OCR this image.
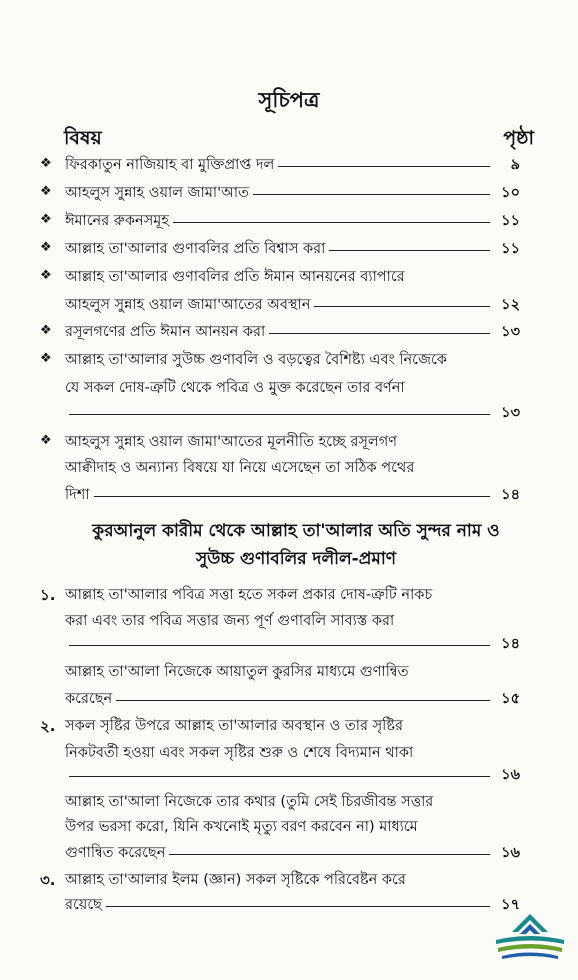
সূচিপত্র
বিষয়	পৃষ্ঠা
❖ ফিরকাতুন নাজিয়াহ বা মুক্তিপ্রাপ্ত দল	৯
❖ আহলুস সুন্নাহ ওয়াল জামা'আত	১০
❖ ঈমানের রুকনসমূহ	১১
❖ আল্লাহ তা'আলার গুণাবলির প্রতি বিশ্বাস করা	১১
❖ আল্লাহ তা'আলার গুণাবলির প্রতি ঈমান আনয়নের ব্যাপারে
আহলুস সুন্নাহ ওয়াল জামা'আতের অবস্থান	১২
❖ রসূলগণের প্রতি ঈমান আনয়ন করা	১৩
❖ আল্লাহ তা'আলার সুউচ্চ গুণাবলি ও বড়ত্বের বৈশিষ্ট্য এবং নিজেকে
যে সকল দোষ-ত্রুটি থেকে পবিত্র ও মুক্ত করেছেন তার বর্ণনা
১৩
❖ আহলুস সুন্নাহ ওয়াল জামা'আতের মূলনীতি হচ্ছে রসূলগণ
আক্বীদাহ ও অন্যান্য বিষয়ে যা নিয়ে এসেছেন তা সঠিক পথের
দিশা	১৪
কুরআনুল কারীম থেকে আল্লাহ তা'আলার অতি সুন্দর নাম ও
সুউচ্চ গুণাবলির দলীল-প্রমাণ
১. আল্লাহ তা'আলার পবিত্র সত্তা হতে সকল প্রকার দোষ-ত্রুটি নাকচ
করা এবং তার পবিত্র সত্তার জন্য পূর্ণ গুণাবলি সাব্যস্ত করা
১৪
আল্লাহ তা'আলা নিজেকে আয়াতুল কুরসির মাধ্যমে গুণান্বিত
করেছেন	১৫
২. সকল সৃষ্টির উপরে আল্লাহ তা'আলার অবস্থান ও তার সৃষ্টির
নিকটবর্তী হওয়া এবং সকল সৃষ্টির শুরু ও শেষে বিদ্যমান থাকা
১৬
আল্লাহ তা'আলা নিজেকে তার কথার (তুমি সেই চিরজীবন্ত সত্তার
উপর ভরসা করো, যিনি কখনোই মৃত্যু বরণ করবেন না) মাধ্যমে
গুণান্বিত করেছেন	১৬
৩. আল্লাহ তা'আলার ইলম (জ্ঞান) সকল সৃষ্টিকে পরিবেষ্টন করে
রয়েছে	১৭
